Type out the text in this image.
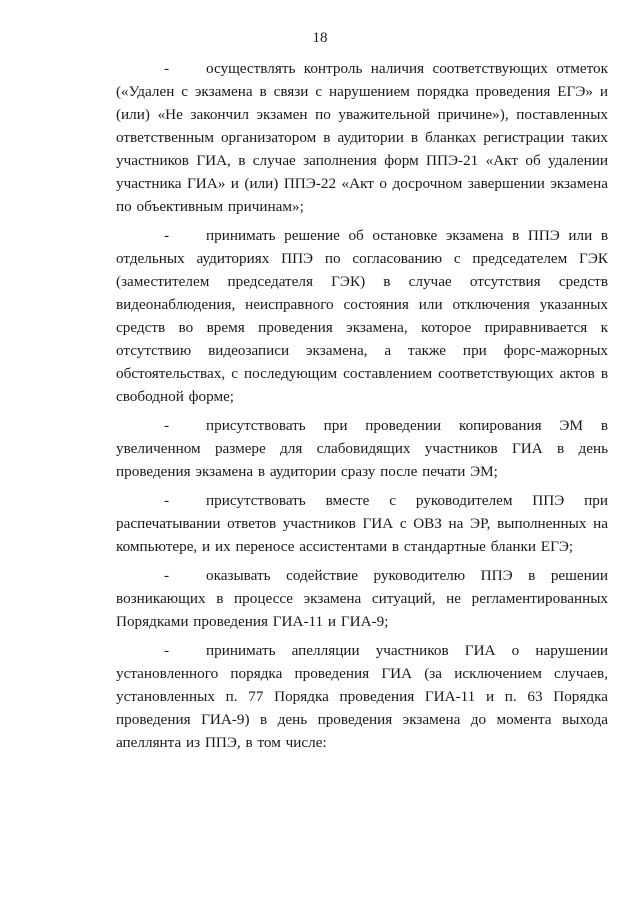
18

- осуществлять контроль наличия соответствующих отметок («Удален с экзамена в связи с нарушением порядка проведения ЕГЭ» и (или) «Не закончил экзамен по уважительной причине»), поставленных ответственным организатором в аудитории в бланках регистрации таких участников ГИА, в случае заполнения форм ППЭ-21 «Акт об удалении участника ГИА» и (или) ППЭ-22 «Акт о досрочном завершении экзамена по объективным причинам»;

- принимать решение об остановке экзамена в ППЭ или в отдельных аудиториях ППЭ по согласованию с председателем ГЭК (заместителем председателя ГЭК) в случае отсутствия средств видеонаблюдения, неисправного состояния или отключения указанных средств во время проведения экзамена, которое приравнивается к отсутствию видеозаписи экзамена, а также при форс-мажорных обстоятельствах, с последующим составлением соответствующих актов в свободной форме;

- присутствовать при проведении копирования ЭМ в увеличенном размере для слабовидящих участников ГИА в день проведения экзамена в аудитории сразу после печати ЭМ;

- присутствовать вместе с руководителем ППЭ при распечатывании ответов участников ГИА с ОВЗ на ЭР, выполненных на компьютере, и их переносе ассистентами в стандартные бланки ЕГЭ;

- оказывать содействие руководителю ППЭ в решении возникающих в процессе экзамена ситуаций, не регламентированных Порядками проведения ГИА-11 и ГИА-9;

- принимать апелляции участников ГИА о нарушении установленного порядка проведения ГИА (за исключением случаев, установленных п. 77 Порядка проведения ГИА-11 и п. 63 Порядка проведения ГИА-9) в день проведения экзамена до момента выхода апеллянта из ППЭ, в том числе:
